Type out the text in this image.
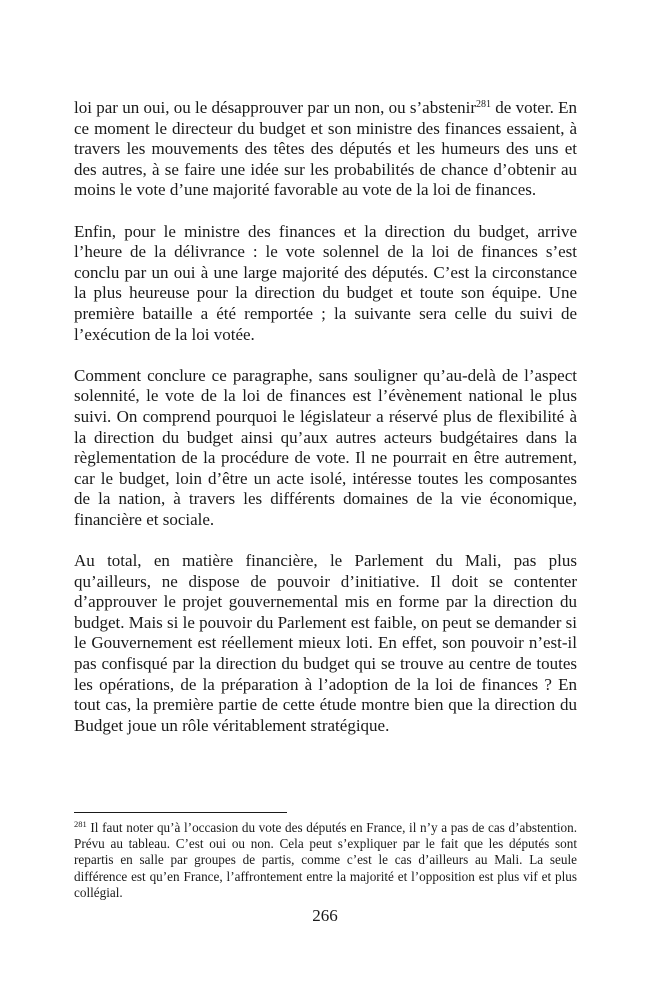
loi par un oui, ou le désapprouver par un non, ou s’abstenir$^{281}$ de voter. En ce moment le directeur du budget et son ministre des finances essaient, à travers les mouvements des têtes des députés et les humeurs des uns et des autres, à se faire une idée sur les probabilités de chance d’obtenir au moins le vote d’une majorité favorable au vote de la loi de finances.

Enfin, pour le ministre des finances et la direction du budget, arrive l’heure de la délivrance : le vote solennel de la loi de finances s’est conclu par un oui à une large majorité des députés. C’est la circonstance la plus heureuse pour la direction du budget et toute son équipe. Une première bataille a été remportée ; la suivante sera celle du suivi de l’exécution de la loi votée.

Comment conclure ce paragraphe, sans souligner qu’au-delà de l’aspect solennité, le vote de la loi de finances est l’évènement national le plus suivi. On comprend pourquoi le législateur a réservé plus de flexibilité à la direction du budget ainsi qu’aux autres acteurs budgétaires dans la règlementation de la procédure de vote. Il ne pourrait en être autrement, car le budget, loin d’être un acte isolé, intéresse toutes les composantes de la nation, à travers les différents domaines de la vie économique, financière et sociale.

Au total, en matière financière, le Parlement du Mali, pas plus qu’ailleurs, ne dispose de pouvoir d’initiative. Il doit se contenter d’approuver le projet gouvernemental mis en forme par la direction du budget. Mais si le pouvoir du Parlement est faible, on peut se demander si le Gouvernement est réellement mieux loti. En effet, son pouvoir n’est-il pas confisqué par la direction du budget qui se trouve au centre de toutes les opérations, de la préparation à l’adoption de la loi de finances ? En tout cas, la première partie de cette étude montre bien que la direction du Budget joue un rôle véritablement stratégique.

$^{281}$ Il faut noter qu’à l’occasion du vote des députés en France, il n’y a pas de cas d’abstention. Prévu au tableau. C’est oui ou non. Cela peut s’expliquer par le fait que les députés sont repartis en salle par groupes de partis, comme c’est le cas d’ailleurs au Mali. La seule différence est qu’en France, l’affrontement entre la majorité et l’opposition est plus vif et plus collégial.

266
